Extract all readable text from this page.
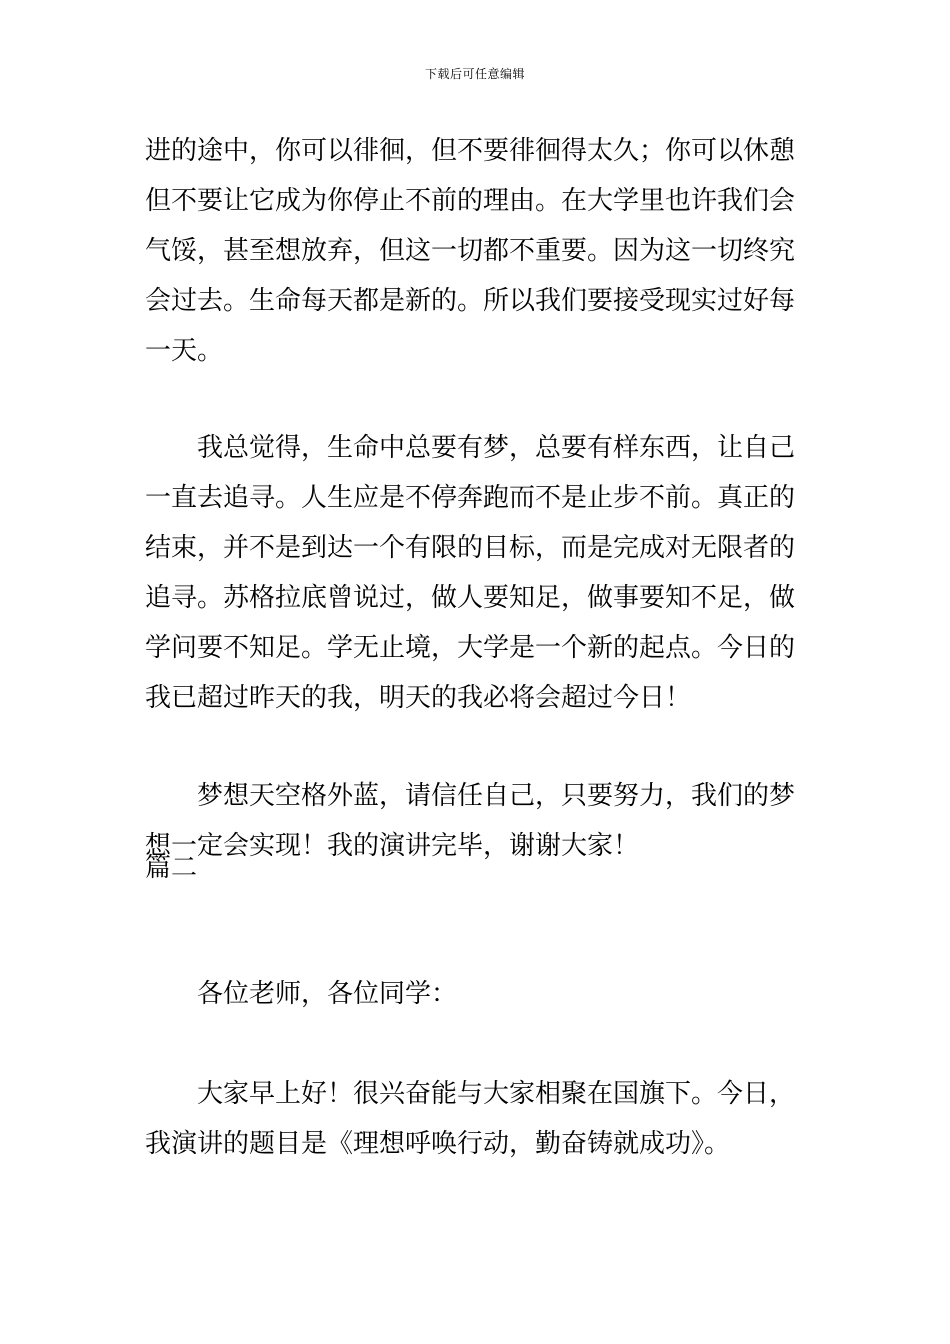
下载后可任意编辑
进的途中，你可以徘徊，但不要徘徊得太久；你可以休憩
但不要让它成为你停止不前的理由。在大学里也许我们会
气馁，甚至想放弃，但这一切都不重要。因为这一切终究
会过去。生命每天都是新的。所以我们要接受现实过好每
一天。
我总觉得，生命中总要有梦，总要有样东西，让自己
一直去追寻。人生应是不停奔跑而不是止步不前。真正的
结束，并不是到达一个有限的目标，而是完成对无限者的
追寻。苏格拉底曾说过，做人要知足，做事要知不足，做
学问要不知足。学无止境，大学是一个新的起点。今日的
我已超过昨天的我，明天的我必将会超过今日！
梦想天空格外蓝，请信任自己，只要努力，我们的梦
想一定会实现！我的演讲完毕，谢谢大家！
篇二
各位老师，各位同学：
大家早上好！很兴奋能与大家相聚在国旗下。今日，
我演讲的题目是《理想呼唤行动，勤奋铸就成功》。
